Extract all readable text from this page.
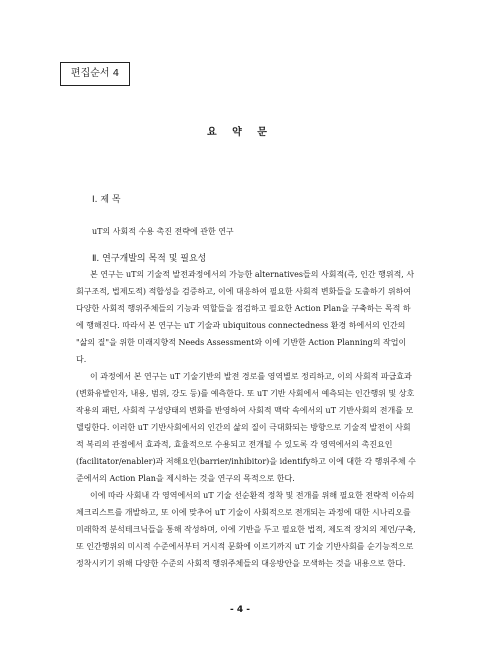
편집순서 4
요 약 문
Ⅰ. 제 목
uT의 사회적 수용 촉진 전략에 관한 연구
Ⅱ. 연구개발의 목적 및 필요성

본 연구는 uT의 기술적 발전과정에서의 가능한 alternatives들의 사회적(즉, 인간 행위적, 사회구조적, 법제도적) 적합성을 검증하고, 이에 대응하여 필요한 사회적 변화들을 도출하기 위하여 다양한 사회적 행위주체들의 기능과 역할들을 점검하고 필요한 Action Plan을 구축하는 목적 하에 행해진다. 따라서 본 연구는 uT 기술과 ubiquitous connectedness 환경 하에서의 인간의 "삶의 질"을 위한 미래지향적 Needs Assessment와 이에 기반한 Action Planning의 작업이다.

이 과정에서 본 연구는 uT 기술기반의 발전 경로를 영역별로 정리하고, 이의 사회적 파급효과(변화유발인자, 내용, 범위, 강도 등)를 예측한다. 또 uT 기반 사회에서 예측되는 인간행위 및 상호작용의 패턴, 사회적 구성양태의 변화를 반영하여 사회적 맥락 속에서의 uT 기반사회의 전개를 모델링한다. 이러한 uT 기반사회에서의 인간의 삶의 질이 극대화되는 방향으로 기술적 발전이 사회적 복리의 관점에서 효과적, 효율적으로 수용되고 전개될 수 있도록 각 영역에서의 촉진요인(facilitator/enabler)과 저해요인(barrier/inhibitor)을 identify하고 이에 대한 각 행위주체 수준에서의 Action Plan을 제시하는 것을 연구의 목적으로 한다.

이에 따라 사회내 각 영역에서의 uT 기술 선순환적 정착 및 전개를 위해 필요한 전략적 이슈의 체크리스트를 개발하고, 또 이에 맞추어 uT 기술이 사회적으로 전개되는 과정에 대한 시나리오를 미래학적 분석테크닉들을 통해 작성하며, 이에 기반을 두고 필요한 법적, 제도적 장치의 제언/구축, 또 인간행위의 미시적 수준에서부터 거시적 문화에 이르기까지 uT 기술 기반사회를 순기능적으로 정착시키기 위해 다양한 수준의 사회적 행위주체들의 대응방안을 모색하는 것을 내용으로 한다.

- 4 -
